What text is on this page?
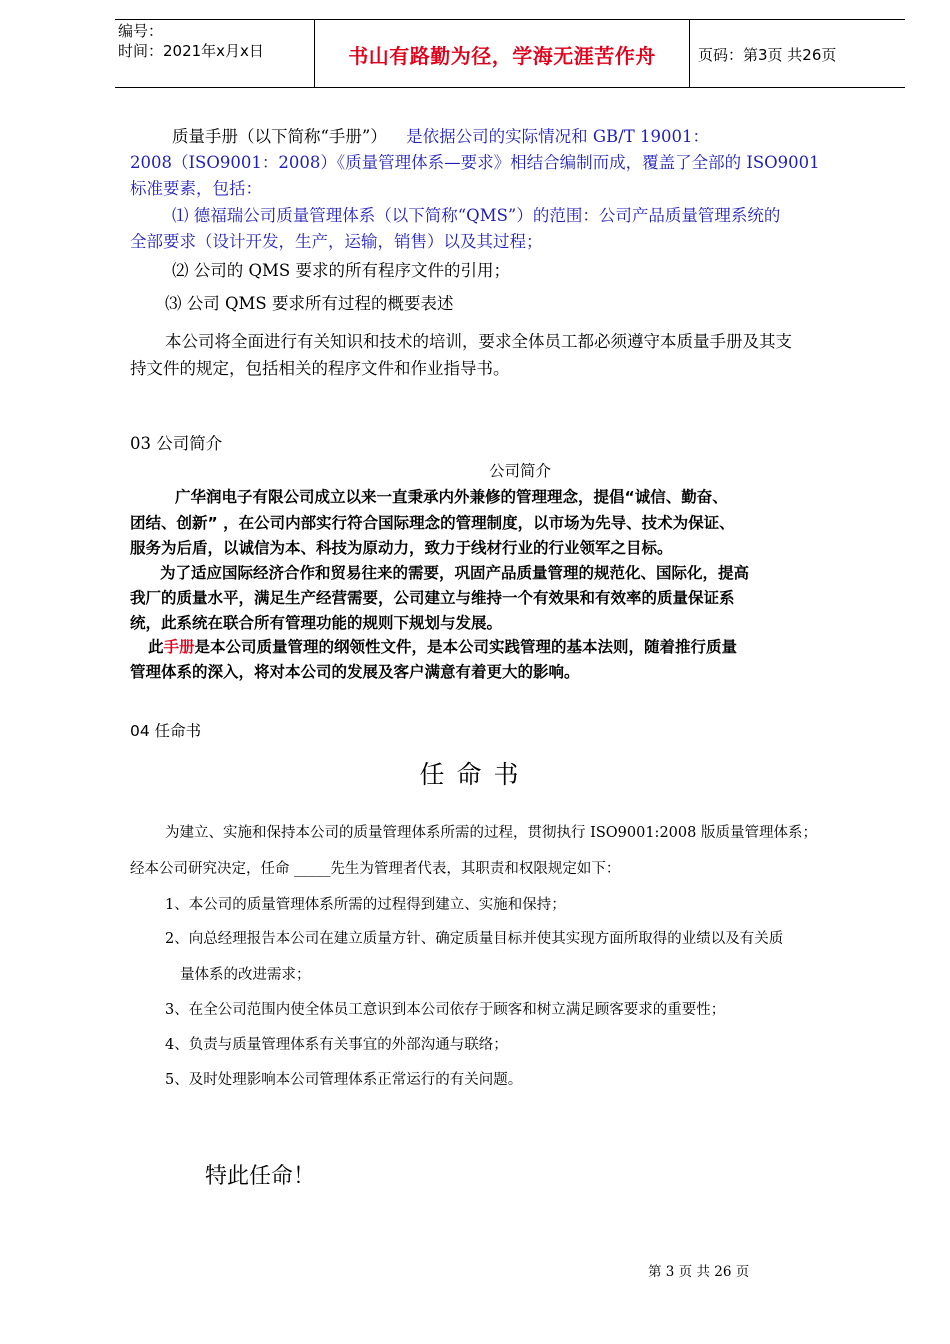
编号：
时间：2021年x月x日	书山有路勤为径，学海无涯苦作舟	页码：第3页 共26页
质量手册（以下简称“手册”） 是依据公司的实际情况和 GB/T 19001：
2008（ISO9001：2008）《质量管理体系—要求》相结合编制而成，覆盖了全部的 ISO9001
标准要素，包括：
⑴ 德福瑞公司质量管理体系（以下简称“QMS”）的范围：公司产品质量管理系统的
全部要求（设计开发，生产，运输，销售）以及其过程；
⑵ 公司的 QMS 要求的所有程序文件的引用；
⑶ 公司 QMS 要求所有过程的概要表述
本公司将全面进行有关知识和技术的培训，要求全体员工都必须遵守本质量手册及其支
持文件的规定，包括相关的程序文件和作业指导书。
03 公司简介
公司简介
广华润电子有限公司成立以来一直秉承内外兼修的管理理念，提倡“诚信、勤奋、
团结、创新” ，在公司内部实行符合国际理念的管理制度，以市场为先导、技术为保证、
服务为后盾，以诚信为本、科技为原动力，致力于线材行业的行业领军之目标。
为了适应国际经济合作和贸易往来的需要，巩固产品质量管理的规范化、国际化，提高
我厂的质量水平，满足生产经营需要，公司建立与维持一个有效果和有效率的质量保证系
统，此系统在联合所有管理功能的规则下规划与发展。
此手册是本公司质量管理的纲领性文件，是本公司实践管理的基本法则，随着推行质量
管理体系的深入，将对本公司的发展及客户满意有着更大的影响。
04 任命书
任命书
为建立、实施和保持本公司的质量管理体系所需的过程，贯彻执行 ISO9001:2008 版质量管理体系；
经本公司研究决定，任命 _____先生为管理者代表，其职责和权限规定如下：
1、本公司的质量管理体系所需的过程得到建立、实施和保持；
2、向总经理报告本公司在建立质量方针、确定质量目标并使其实现方面所取得的业绩以及有关质
量体系的改进需求；
3、在全公司范围内使全体员工意识到本公司依存于顾客和树立满足顾客要求的重要性；
4、负责与质量管理体系有关事宜的外部沟通与联络；
5、及时处理影响本公司管理体系正常运行的有关问题。
特此任命！
第 3 页 共 26 页
